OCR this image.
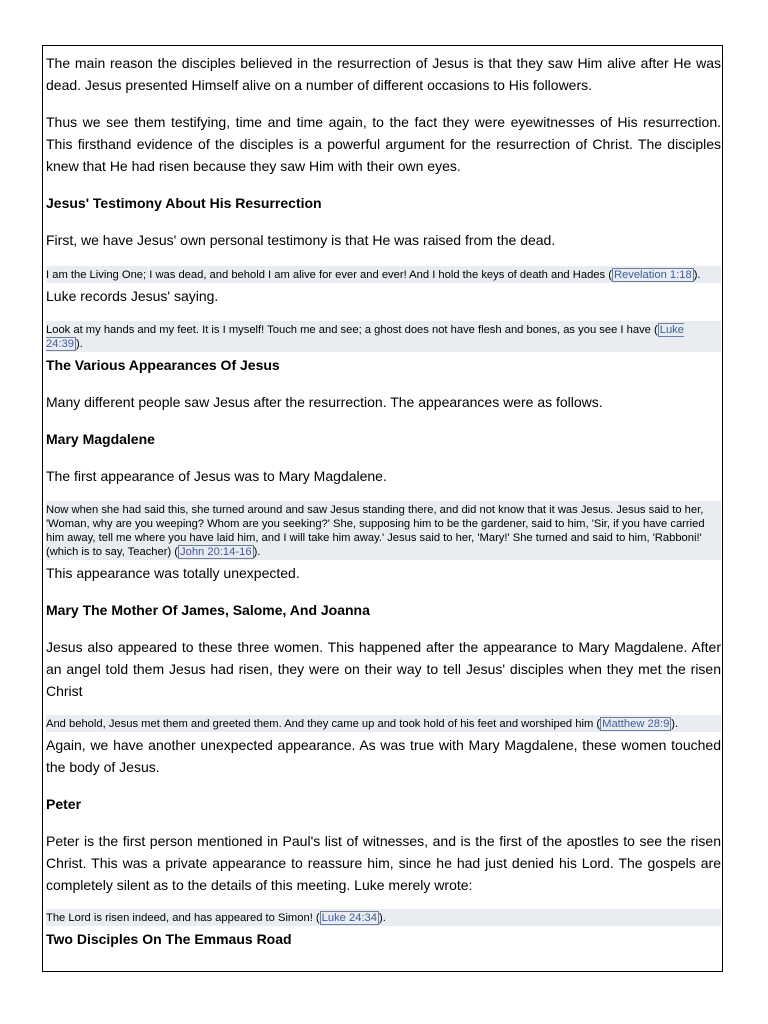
The main reason the disciples believed in the resurrection of Jesus is that they saw Him alive after He was dead. Jesus presented Himself alive on a number of different occasions to His followers.

Thus we see them testifying, time and time again, to the fact they were eyewitnesses of His resurrection. This firsthand evidence of the disciples is a powerful argument for the resurrection of Christ. The disciples knew that He had risen because they saw Him with their own eyes.

Jesus' Testimony About His Resurrection

First, we have Jesus' own personal testimony is that He was raised from the dead.

I am the Living One; I was dead, and behold I am alive for ever and ever! And I hold the keys of death and Hades ( Revelation 1:18 ).

Luke records Jesus' saying.

Look at my hands and my feet. It is I myself! Touch me and see; a ghost does not have flesh and bones, as you see I have ( Luke 24:39 ).
The Various Appearances Of Jesus

Many different people saw Jesus after the resurrection. The appearances were as follows.

Mary Magdalene

The first appearance of Jesus was to Mary Magdalene.

Now when she had said this, she turned around and saw Jesus standing there, and did not know that it was Jesus. Jesus said to her, 'Woman, why are you weeping? Whom are you seeking?' She, supposing him to be the gardener, said to him, 'Sir, if you have carried him away, tell me where you have laid him, and I will take him away.' Jesus said to her, 'Mary!' She turned and said to him, 'Rabboni!' (which is to say, Teacher) ( John 20:14-16 ).

This appearance was totally unexpected.

Mary The Mother Of James, Salome, And Joanna

Jesus also appeared to these three women. This happened after the appearance to Mary Magdalene. After an angel told them Jesus had risen, they were on their way to tell Jesus' disciples when they met the risen Christ

And behold, Jesus met them and greeted them. And they came up and took hold of his feet and worshiped him ( Matthew 28:9 ).

Again, we have another unexpected appearance. As was true with Mary Magdalene, these women touched the body of Jesus.

Peter

Peter is the first person mentioned in Paul's list of witnesses, and is the first of the apostles to see the risen Christ. This was a private appearance to reassure him, since he had just denied his Lord. The gospels are completely silent as to the details of this meeting. Luke merely wrote:

The Lord is risen indeed, and has appeared to Simon! ( Luke 24:34 ).
Two Disciples On The Emmaus Road
